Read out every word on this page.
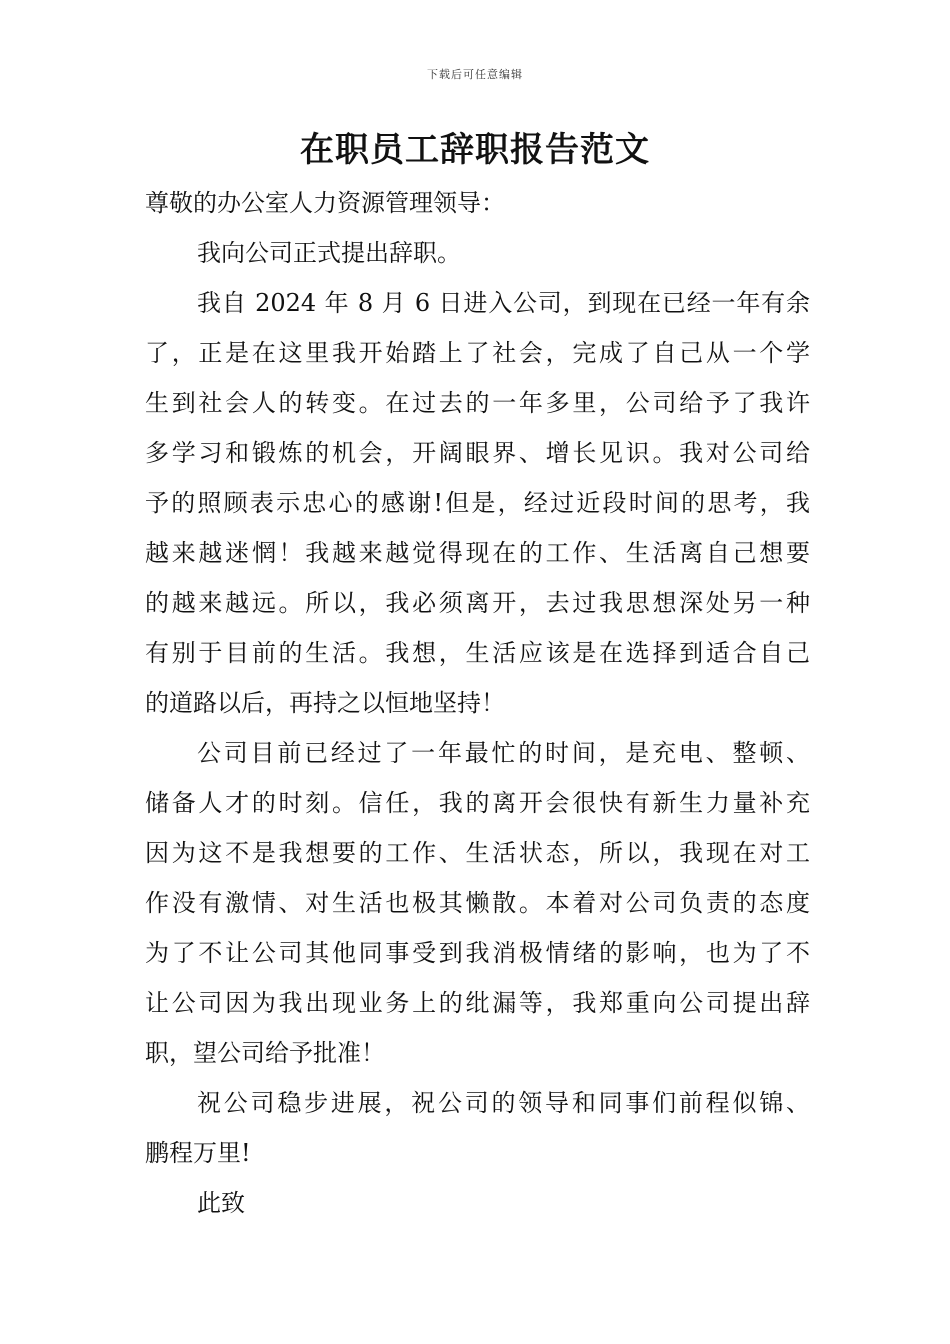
下载后可任意编辑
在职员工辞职报告范文
尊敬的办公室人力资源管理领导：
我向公司正式提出辞职。
我自 2024 年 8 月 6 日进入公司，到现在已经一年有余
了，正是在这里我开始踏上了社会，完成了自己从一个学
生到社会人的转变。在过去的一年多里，公司给予了我许
多学习和锻炼的机会，开阔眼界、增长见识。我对公司给
予的照顾表示忠心的感谢!但是，经过近段时间的思考，我
越来越迷惘！我越来越觉得现在的工作、生活离自己想要
的越来越远。所以，我必须离开，去过我思想深处另一种
有别于目前的生活。我想，生活应该是在选择到适合自己
的道路以后，再持之以恒地坚持！
公司目前已经过了一年最忙的时间，是充电、整顿、
储备人才的时刻。信任，我的离开会很快有新生力量补充
因为这不是我想要的工作、生活状态，所以，我现在对工
作没有激情、对生活也极其懒散。本着对公司负责的态度
为了不让公司其他同事受到我消极情绪的影响，也为了不
让公司因为我出现业务上的纰漏等，我郑重向公司提出辞
职，望公司给予批准！
祝公司稳步进展，祝公司的领导和同事们前程似锦、
鹏程万里!
此致
